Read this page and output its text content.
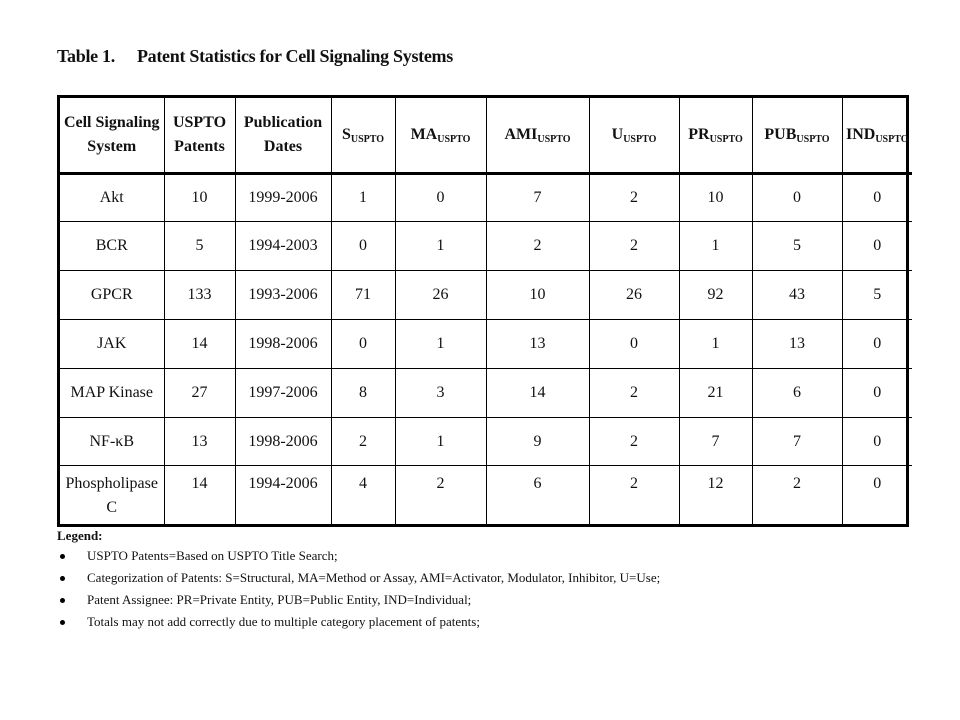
Table 1. Patent Statistics for Cell Signaling Systems
Cell Signaling System	USPTO Patents	Publication Dates	$S_{USPTO}$	$MA_{USPTO}$	$AMI_{USPTO}$	$U_{USPTO}$	$PR_{USPTO}$	$PUB_{USPTO}$	$IND_{USPTO}$
Akt	10	1999-2006	1	0	7	2	10	0	0
BCR	5	1994-2003	0	1	2	2	1	5	0
GPCR	133	1993-2006	71	26	10	26	92	43	5
JAK	14	1998-2006	0	1	13	0	1	13	0
MAP Kinase	27	1997-2006	8	3	14	2	21	6	0
NF-κB	13	1998-2006	2	1	9	2	7	7	0
Phospholipase C	14	1994-2006	4	2	6	2	12	2	0
Legend:
USPTO Patents=Based on USPTO Title Search;
Categorization of Patents: S=Structural, MA=Method or Assay, AMI=Activator, Modulator, Inhibitor, U=Use;
Patent Assignee: PR=Private Entity, PUB=Public Entity, IND=Individual;
Totals may not add correctly due to multiple category placement of patents;
